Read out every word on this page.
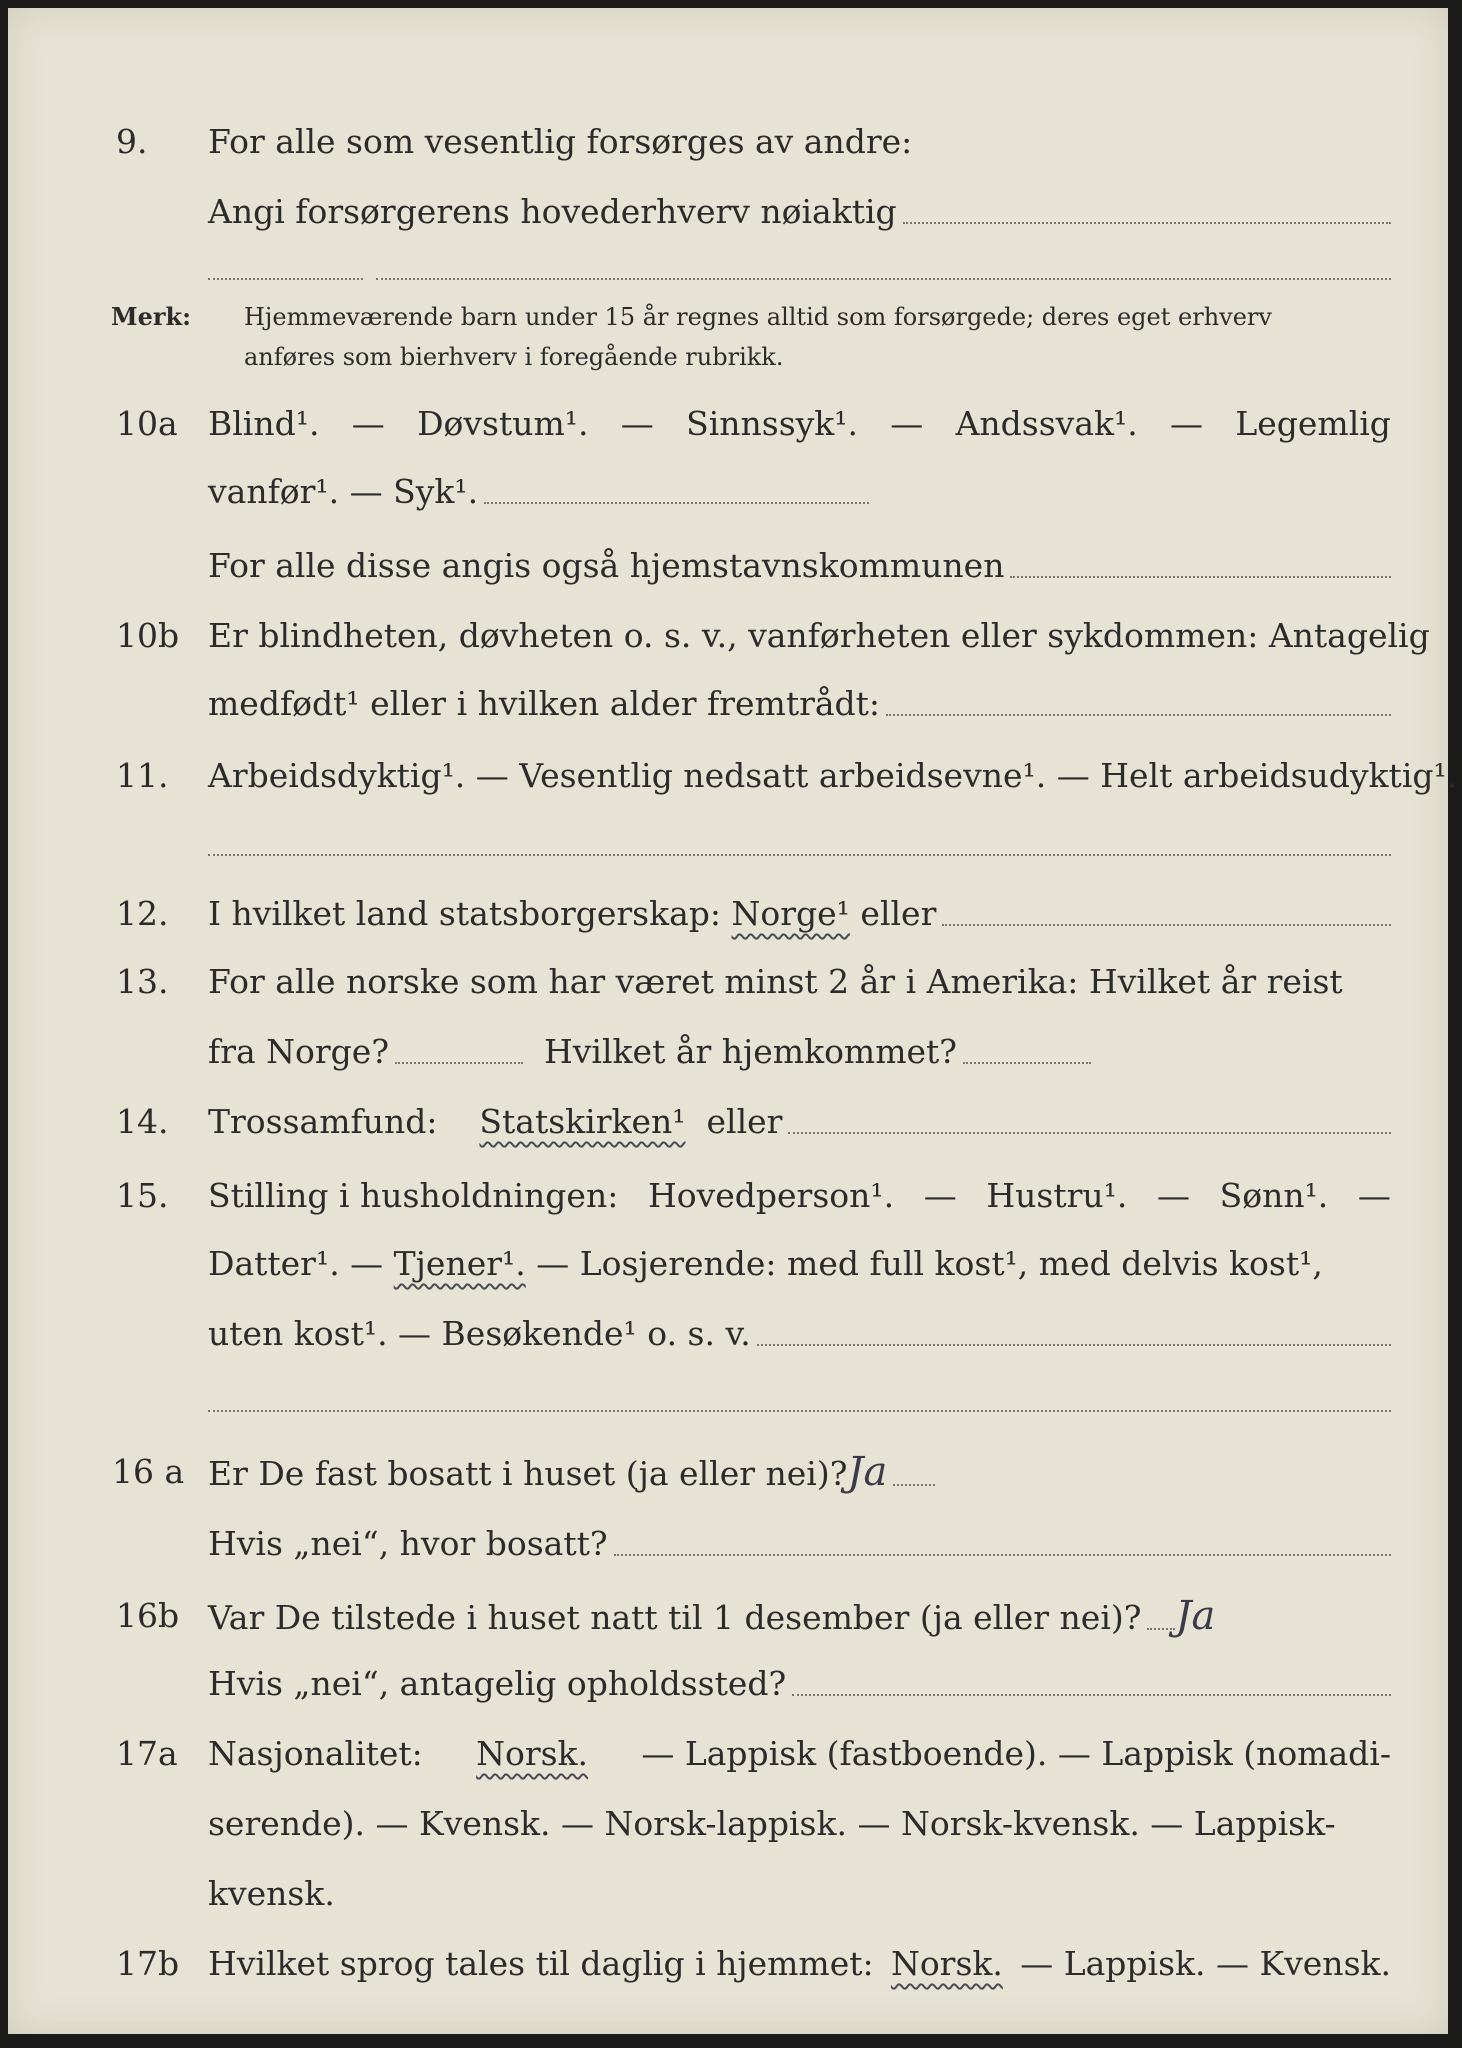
9. For alle som vesentlig forsørges av andre:
Angi forsørgerens hovederhverv nøiaktig
Merk: Hjemmeværende barn under 15 år regnes alltid som forsørgede; deres eget erhverv
anføres som bierhverv i foregående rubrikk.
10a Blind¹. — Døvstum¹. — Sinnssyk¹. — Andssvak¹. — Legemlig
vanfør¹. — Syk¹.
For alle disse angis også hjemstavnskommunen
10b Er blindheten, døvheten o. s. v., vanførheten eller sykdommen: Antagelig
medfødt¹ eller i hvilken alder fremtrådt:
11. Arbeidsdyktig¹. — Vesentlig nedsatt arbeidsevne¹. — Helt arbeidsudyktig¹.
12. I hvilket land statsborgerskap:
Norge¹
eller
13. For alle norske som har været minst 2 år i Amerika: Hvilket år reist
fra Norge?
	Hvilket år hjemkommet?
14. Trossamfund:
Statskirken¹
eller
15. Stilling i husholdningen: Hovedperson¹. — Hustru¹. — Sønn¹. —
Datter¹. —
Tjener¹.
— Losjerende: med full kost¹, med delvis kost¹,
uten kost¹. — Besøkende¹ o. s. v.
16 a Er De fast bosatt i huset (ja eller nei)? Ja
Hvis „nei“, hvor bosatt?
16b Var De tilstede i huset natt til 1 desember (ja eller nei)? Ja
Hvis „nei“, antagelig opholdssted?
17a Nasjonalitet: Norsk. — Lappisk (fastboende). — Lappisk (nomadi-
serende). — Kvensk. — Norsk-lappisk. — Norsk-kvensk. — Lappisk-
kvensk.
17b Hvilket sprog tales til daglig i hjemmet: Norsk. — Lappisk. — Kvensk.
